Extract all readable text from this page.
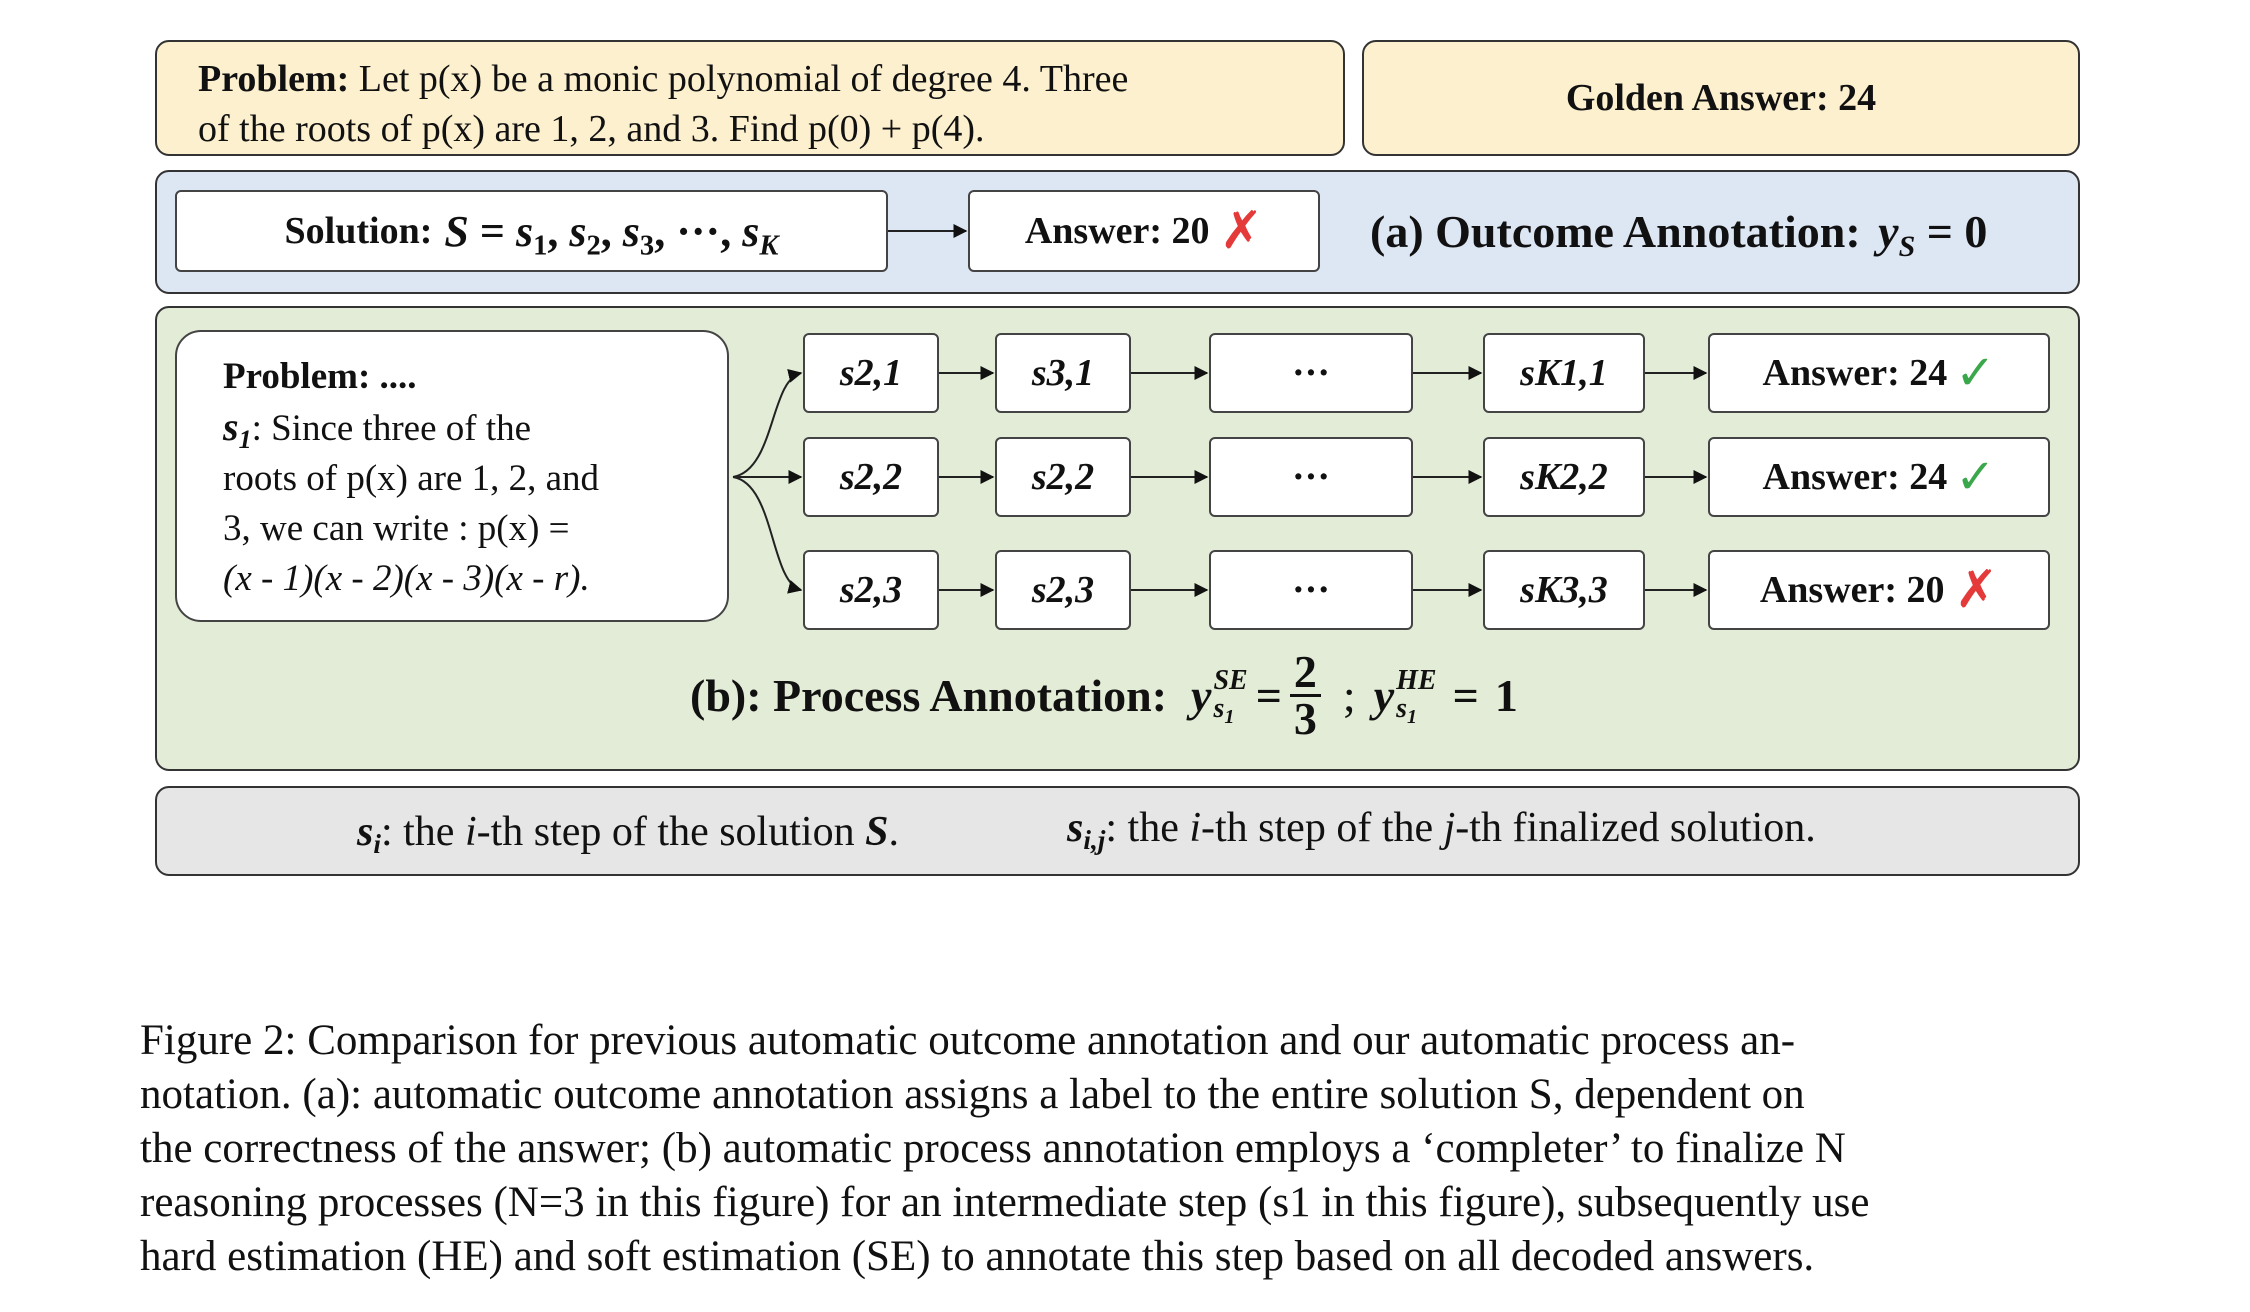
Problem: Let p(x) be a monic polynomial of degree 4. Three
of the roots of p(x) are 1, 2, and 3. Find p(0) + p(4).
Golden Answer: 24
Solution: $S = s_1$, $s_2$, $s_3$, ···, $s_K$	Answer: 20 ✗ (a) Outcome Annotation: $y_S = 0$
Problem: ....
$s_1$: Since three of the
roots of p(x) are 1, 2, and
3, we can write : p(x) =
(x - 1)(x - 2)(x - 3)(x - r).
s2,1	s3,1	···	sK1,1	Answer: 24 ✓
s2,2	s2,2	···	sK2,2	Answer: 24 ✓
s2,3	s2,3	···	sK3,3	Answer: 20 ✗
(b): Process Annotation: y SE
$s_1 = \frac{2}{3}$ ; y HE
$s_1 = 1$
$s_i$: the i-th step of the solution S.	$s_{i,j}$: the i-th step of the j-th finalized solution.
Figure 2: Comparison for previous automatic outcome annotation and our automatic process an-
notation. (a): automatic outcome annotation assigns a label to the entire solution S, dependent on
the correctness of the answer; (b) automatic process annotation employs a ‘completer’ to finalize N
reasoning processes (N=3 in this figure) for an intermediate step (s1 in this figure), subsequently use
hard estimation (HE) and soft estimation (SE) to annotate this step based on all decoded answers.
